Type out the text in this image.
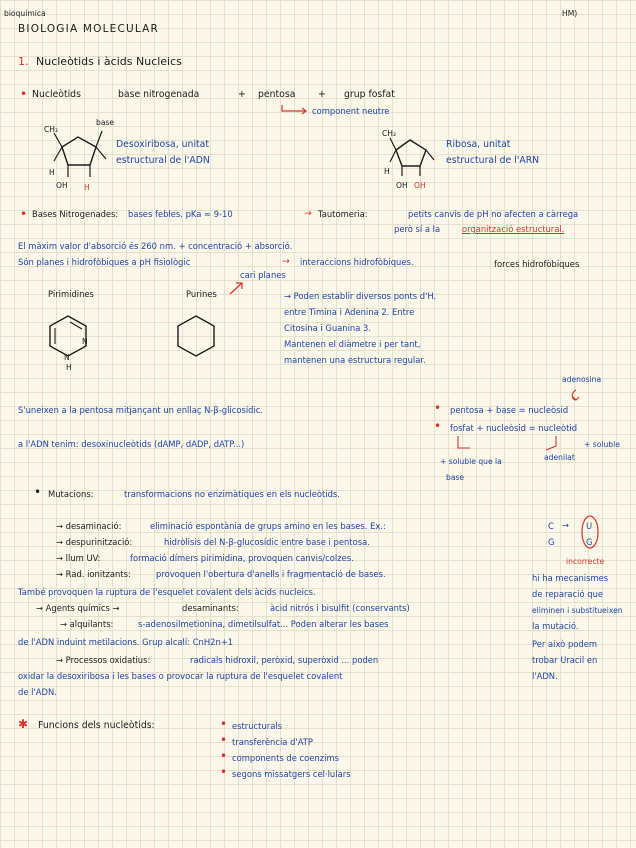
bioquímica	HM)
BIOLOGIA MOLECULAR
1. Nucleòtids i àcids Nucleics
• Nucleòtids	base nitrogenada	+ pentosa + grup fosfat
component neutre
base
CH₂
H
OH H
Desoxiribosa, unitat
estructural de l'ADN
CH₂
H
OH OH
Ribosa, unitat
estructural de l'ARN
• Bases Nitrogenades: bases febles. pKa ≈ 9-10	→ Tautomeria:	petits canvis de pH no afecten a càrrega
però sí a la	organització estructural.
El màxim valor d'absorció és 260 nm. + concentració + absorció.
Són planes i hidrofòbiques a pH fisiològic	→ interaccions hidrofòbiques.	forces hidrofòbiques
cari planes
Pirimidines	Purines
N
N
H
→ Poden establir diversos ponts d'H.
entre Timina i Adenina 2. Entre
Citosina i Guanina 3.
Mantenen el diàmetre i per tant,
mantenen una estructura regular.
adenosina
S'uneixen a la pentosa mitjançant un enllaç N-β-glicosídic.	• pentosa + base = nucleòsid
• fosfat + nucleòsid = nucleòtid
+ soluble
a l'ADN tenim: desoxinucleòtids (dAMP, dADP, dATP...)
+ soluble que la	adenilat
base
• Mutacions:	transformacions no enzimàtiques en els nucleòtids.
→ desaminació:	eliminació espontània de grups amino en les bases. Ex.:
→ despurinització:	hidròlisis del N-β-glucosídic entre base i pentosa.
→ llum UV:	formació dímers pirimidina, provoquen canvis/colzes.
→ Rad. ionitzants:	provoquen l'obertura d'anells i fragmentació de bases.
C → U
G	G
incorrecte
hi ha mecanismes
de reparació que
eliminen i substitueixen
la mutació.
Per això podem
trobar Uracil en
l'ADN.
També provoquen la ruptura de l'esquelet covalent dels àcids nucleics.
→ Agents químics →	desaminants:	àcid nitrós i bisulfit (conservants)
→ alquilants:	s-adenosilmetionina, dimetilsulfat... Poden alterar les bases
de l'ADN induint metilacions. Grup alcalí: CnH2n+1
→ Processos oxidatius:	radicals hidroxil, peròxid, superòxid ... poden
oxidar la desoxiribosa i les bases o provocar la ruptura de l'esquelet covalent
de l'ADN.
✱ Funcions dels nucleòtids:	• estructurals
• transferència d'ATP
• components de coenzims
• segons missatgers cel·lulars
